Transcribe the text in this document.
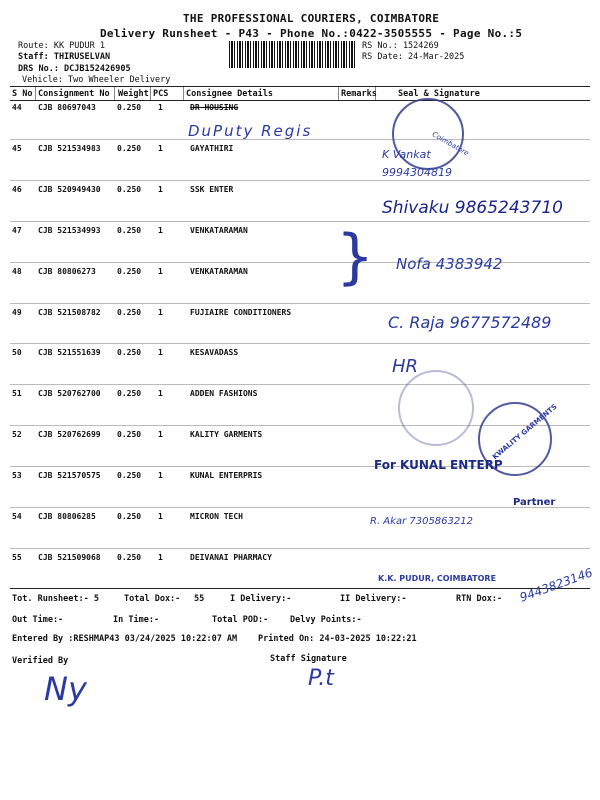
THE PROFESSIONAL COURIERS, COIMBATORE
Delivery Runsheet - P43 - Phone No.:0422-3505555 - Page No.:5
Route: KK PUDUR 1
Staff: THIRUSELVAN
DRS No.: DCJB152426905
Vehicle: Two Wheeler Delivery
RS No.: 1524269
RS Date: 24-Mar-2025
S No Consignment No Weight PCS Consignee Details	Remarks Seal & Signature
44 CJB 80697043	0.250 1	DR HOUSING
45 CJB 521534983 0.250 1	GAYATHIRI
46 CJB 520949430 0.250 1	SSK ENTER
47 CJB 521534993 0.250 1	VENKATARAMAN
48 CJB 80806273	0.250 1	VENKATARAMAN
49 CJB 521508782 0.250 1	FUJIAIRE CONDITIONERS
50 CJB 521551639 0.250 1	KESAVADASS
51 CJB 520762700 0.250 1	ADDEN FASHIONS
52 CJB 520762699 0.250 1	KALITY GARMENTS
53 CJB 521570575 0.250 1	KUNAL ENTERPRIS
54 CJB 80806285	0.250 1	MICRON TECH
55 CJB 521509068 0.250 1	DEIVANAI PHARMACY
Tot. Runsheet:- 5	Total Dox:- 55	I Delivery:-	II Delivery:-	RTN Dox:-
Out Time:-	In Time:-	Total POD:-	Delvy Points:-
Entered By :RESHMAP43 03/24/2025 10:22:07 AM Printed On: 24-03-2025 10:22:21
Verified By	Staff Signature
Coimbatore
KWALITY GARMENTS
DuPuty Regis
K Vankat
9994304819
Shivaku 9865243710
} Nofa 4383942
C. Raja 9677572489
HR
For KUNAL ENTERP
Partner
R. Akar 7305863212
K.K. PUDUR, COIMBATORE 9443823146
Ny	P.t
